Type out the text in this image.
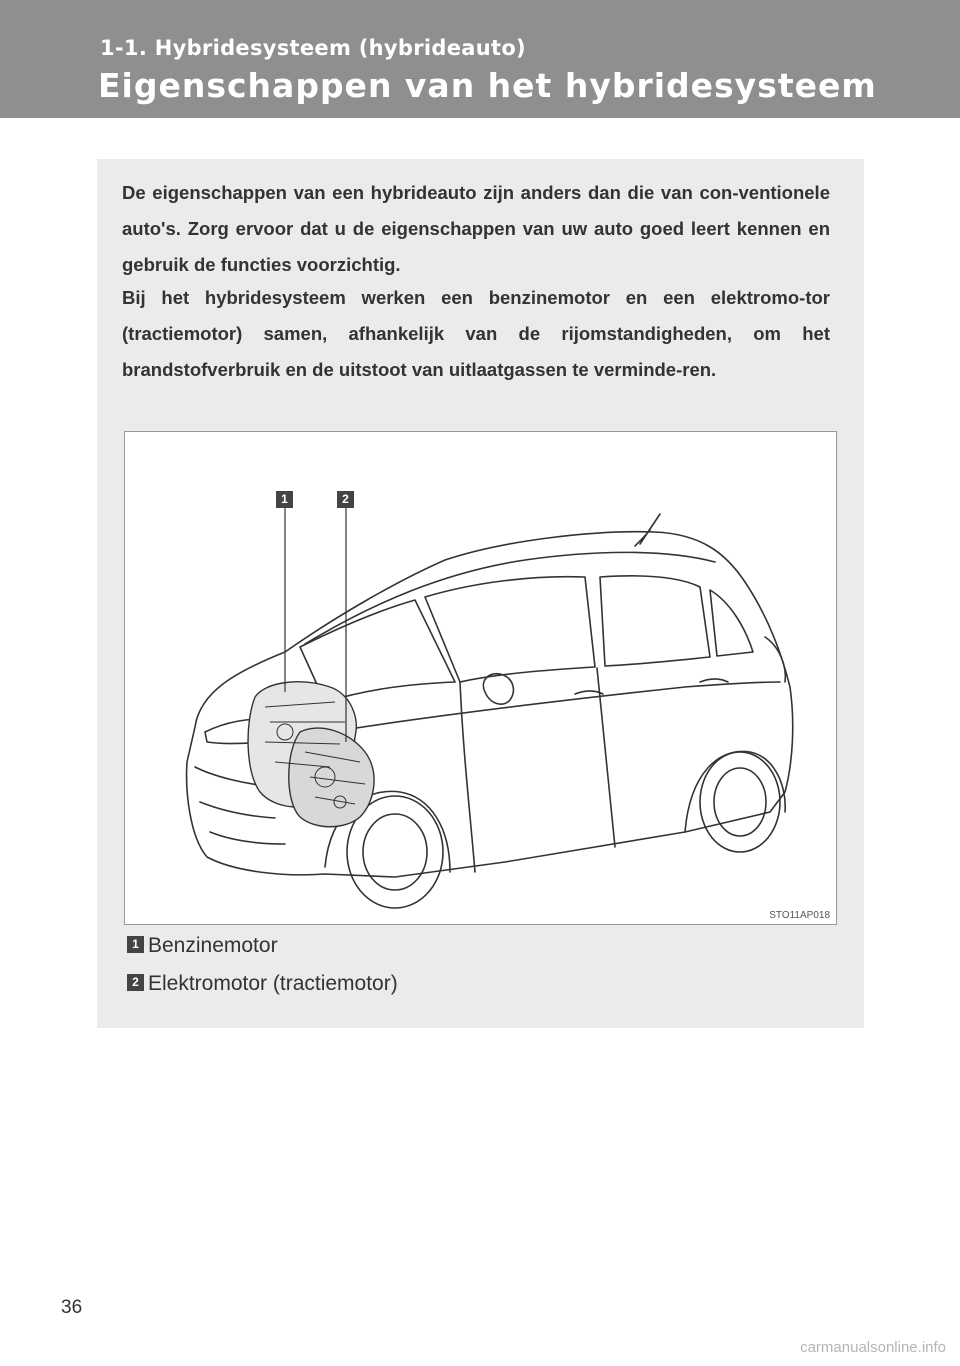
1-1. Hybridesysteem (hybrideauto)
Eigenschappen van het hybridesysteem
De eigenschappen van een hybrideauto zijn anders dan die van con-ventionele auto's. Zorg ervoor dat u de eigenschappen van uw auto goed leert kennen en gebruik de functies voorzichtig.
Bij het hybridesysteem werken een benzinemotor en een elektromo-tor (tractiemotor) samen, afhankelijk van de rijomstandigheden, om het brandstofverbruik en de uitstoot van uitlaatgassen te verminde-ren.
1	2
STO11AP018
1 Benzinemotor
2 Elektromotor (tractiemotor)
36
carmanualsonline.info
